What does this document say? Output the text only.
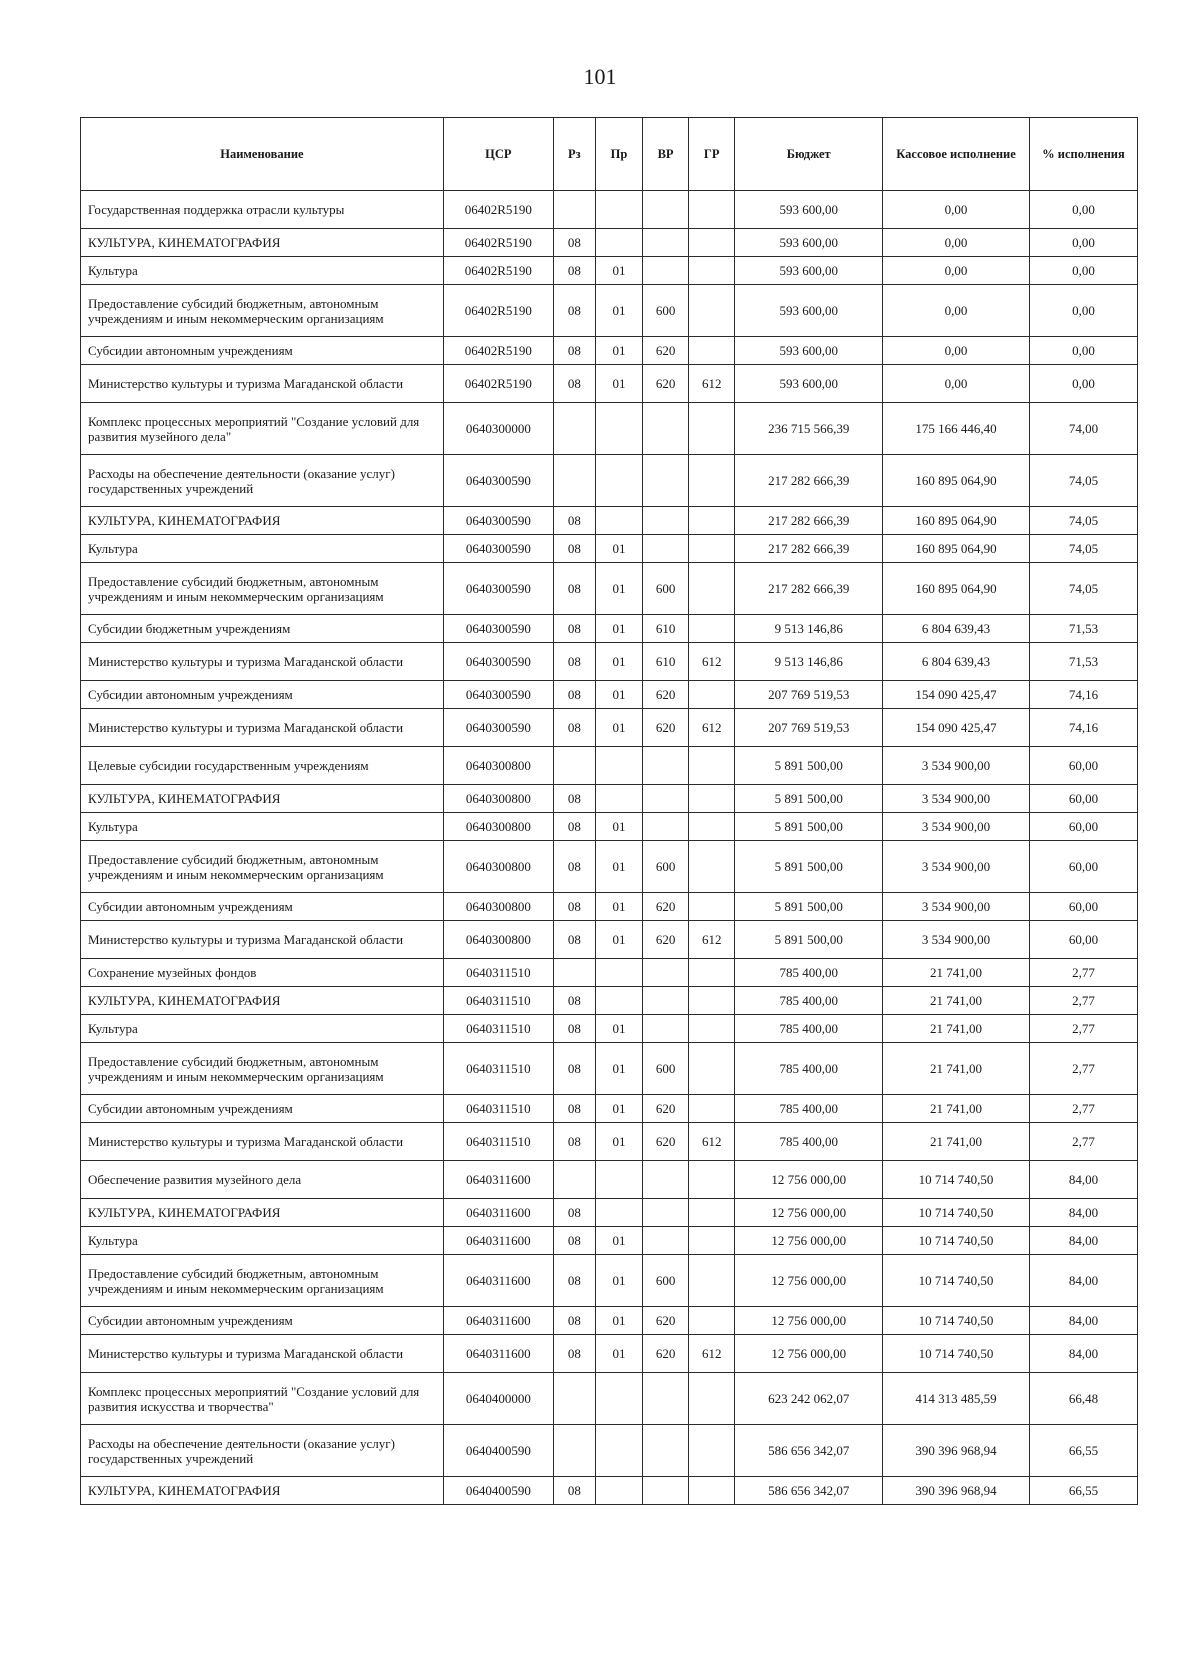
101
Наименование	ЦСР	Рз	Пр	ВР	ГР	Бюджет	Кассовое исполнение	% исполнения
Государственная поддержка отрасли культуры	06402R5190					593 600,00	0,00	0,00
КУЛЬТУРА, КИНЕМАТОГРАФИЯ	06402R5190	08				593 600,00	0,00	0,00
Культура	06402R5190	08	01			593 600,00	0,00	0,00
Предоставление субсидий бюджетным, автономным учреждениям и иным некоммерческим организациям	06402R5190	08	01	600		593 600,00	0,00	0,00
Субсидии автономным учреждениям	06402R5190	08	01	620		593 600,00	0,00	0,00
Министерство культуры и туризма Магаданской области	06402R5190	08	01	620	612	593 600,00	0,00	0,00
Комплекс процессных мероприятий "Создание условий для развития музейного дела"	0640300000					236 715 566,39	175 166 446,40	74,00
Расходы на обеспечение деятельности (оказание услуг) государственных учреждений	0640300590					217 282 666,39	160 895 064,90	74,05
КУЛЬТУРА, КИНЕМАТОГРАФИЯ	0640300590	08				217 282 666,39	160 895 064,90	74,05
Культура	0640300590	08	01			217 282 666,39	160 895 064,90	74,05
Предоставление субсидий бюджетным, автономным учреждениям и иным некоммерческим организациям	0640300590	08	01	600		217 282 666,39	160 895 064,90	74,05
Субсидии бюджетным учреждениям	0640300590	08	01	610		9 513 146,86	6 804 639,43	71,53
Министерство культуры и туризма Магаданской области	0640300590	08	01	610	612	9 513 146,86	6 804 639,43	71,53
Субсидии автономным учреждениям	0640300590	08	01	620		207 769 519,53	154 090 425,47	74,16
Министерство культуры и туризма Магаданской области	0640300590	08	01	620	612	207 769 519,53	154 090 425,47	74,16
Целевые субсидии государственным учреждениям	0640300800					5 891 500,00	3 534 900,00	60,00
КУЛЬТУРА, КИНЕМАТОГРАФИЯ	0640300800	08				5 891 500,00	3 534 900,00	60,00
Культура	0640300800	08	01			5 891 500,00	3 534 900,00	60,00
Предоставление субсидий бюджетным, автономным учреждениям и иным некоммерческим организациям	0640300800	08	01	600		5 891 500,00	3 534 900,00	60,00
Субсидии автономным учреждениям	0640300800	08	01	620		5 891 500,00	3 534 900,00	60,00
Министерство культуры и туризма Магаданской области	0640300800	08	01	620	612	5 891 500,00	3 534 900,00	60,00
Сохранение музейных фондов	0640311510					785 400,00	21 741,00	2,77
КУЛЬТУРА, КИНЕМАТОГРАФИЯ	0640311510	08				785 400,00	21 741,00	2,77
Культура	0640311510	08	01			785 400,00	21 741,00	2,77
Предоставление субсидий бюджетным, автономным учреждениям и иным некоммерческим организациям	0640311510	08	01	600		785 400,00	21 741,00	2,77
Субсидии автономным учреждениям	0640311510	08	01	620		785 400,00	21 741,00	2,77
Министерство культуры и туризма Магаданской области	0640311510	08	01	620	612	785 400,00	21 741,00	2,77
Обеспечение развития музейного дела	0640311600					12 756 000,00	10 714 740,50	84,00
КУЛЬТУРА, КИНЕМАТОГРАФИЯ	0640311600	08				12 756 000,00	10 714 740,50	84,00
Культура	0640311600	08	01			12 756 000,00	10 714 740,50	84,00
Предоставление субсидий бюджетным, автономным учреждениям и иным некоммерческим организациям	0640311600	08	01	600		12 756 000,00	10 714 740,50	84,00
Субсидии автономным учреждениям	0640311600	08	01	620		12 756 000,00	10 714 740,50	84,00
Министерство культуры и туризма Магаданской области	0640311600	08	01	620	612	12 756 000,00	10 714 740,50	84,00
Комплекс процессных мероприятий "Создание условий для развития искусства и творчества"	0640400000					623 242 062,07	414 313 485,59	66,48
Расходы на обеспечение деятельности (оказание услуг) государственных учреждений	0640400590					586 656 342,07	390 396 968,94	66,55
КУЛЬТУРА, КИНЕМАТОГРАФИЯ	0640400590	08				586 656 342,07	390 396 968,94	66,55
